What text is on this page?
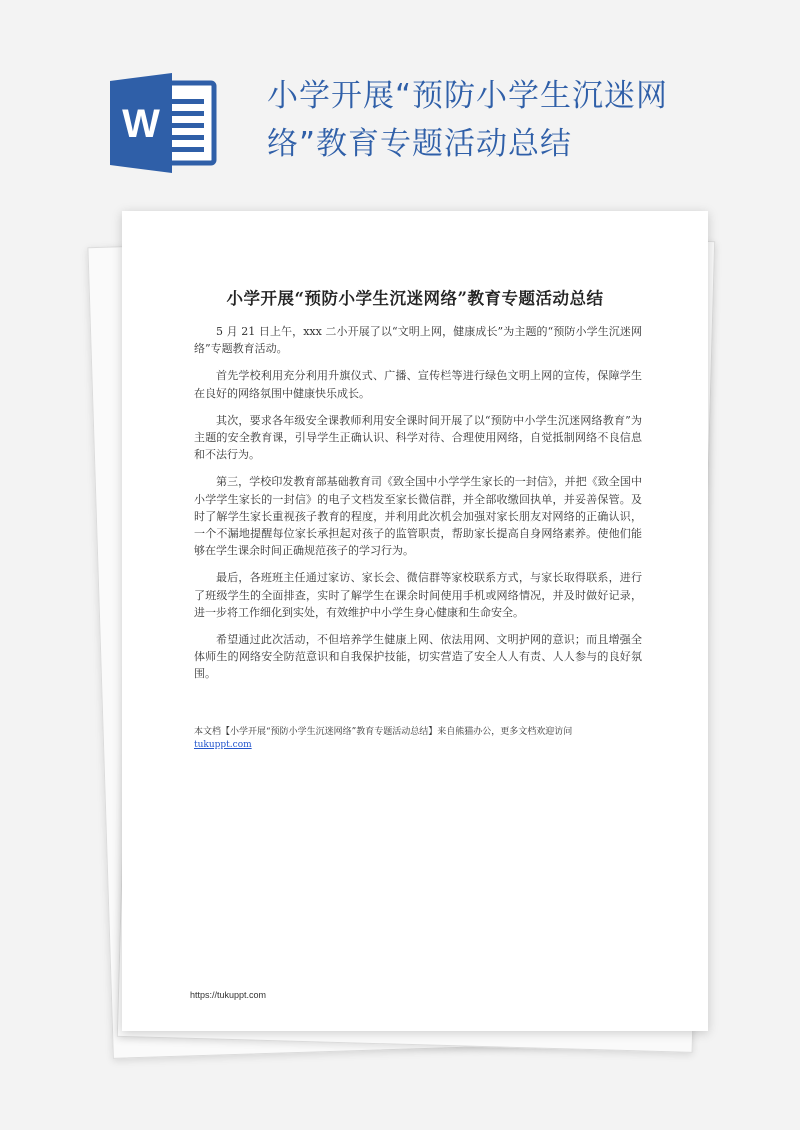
W
小学开展“预防小学生沉迷网络”教育专题活动总结
小学开展“预防小学生沉迷网络”教育专题活动总结

5 月 21 日上午，xxx 二小开展了以“文明上网，健康成长”为主题的“预防小学生沉迷网络”专题教育活动。

首先学校利用充分利用升旗仪式、广播、宣传栏等进行绿色文明上网的宣传，保障学生在良好的网络氛围中健康快乐成长。

其次，要求各年级安全课教师利用安全课时间开展了以“预防中小学生沉迷网络教育”为主题的安全教育课，引导学生正确认识、科学对待、合理使用网络，自觉抵制网络不良信息和不法行为。

第三，学校印发教育部基础教育司《致全国中小学学生家长的一封信》，并把《致全国中小学学生家长的一封信》的电子文档发至家长微信群，并全部收缴回执单，并妥善保管。及时了解学生家长重视孩子教育的程度，并利用此次机会加强对家长朋友对网络的正确认识，一个不漏地提醒每位家长承担起对孩子的监管职责，帮助家长提高自身网络素养。使他们能够在学生课余时间正确规范孩子的学习行为。

最后，各班班主任通过家访、家长会、微信群等家校联系方式，与家长取得联系，进行了班级学生的全面排查，实时了解学生在课余时间使用手机或网络情况，并及时做好记录，进一步将工作细化到实处，有效维护中小学生身心健康和生命安全。

希望通过此次活动，不但培养学生健康上网、依法用网、文明护网的意识；而且增强全体师生的网络安全防范意识和自我保护技能，切实营造了安全人人有责、人人参与的良好氛围。

本文档【小学开展“预防小学生沉迷网络”教育专题活动总结】来自熊猫办公，更多文档欢迎访问
tukuppt.com
https://tukuppt.com
